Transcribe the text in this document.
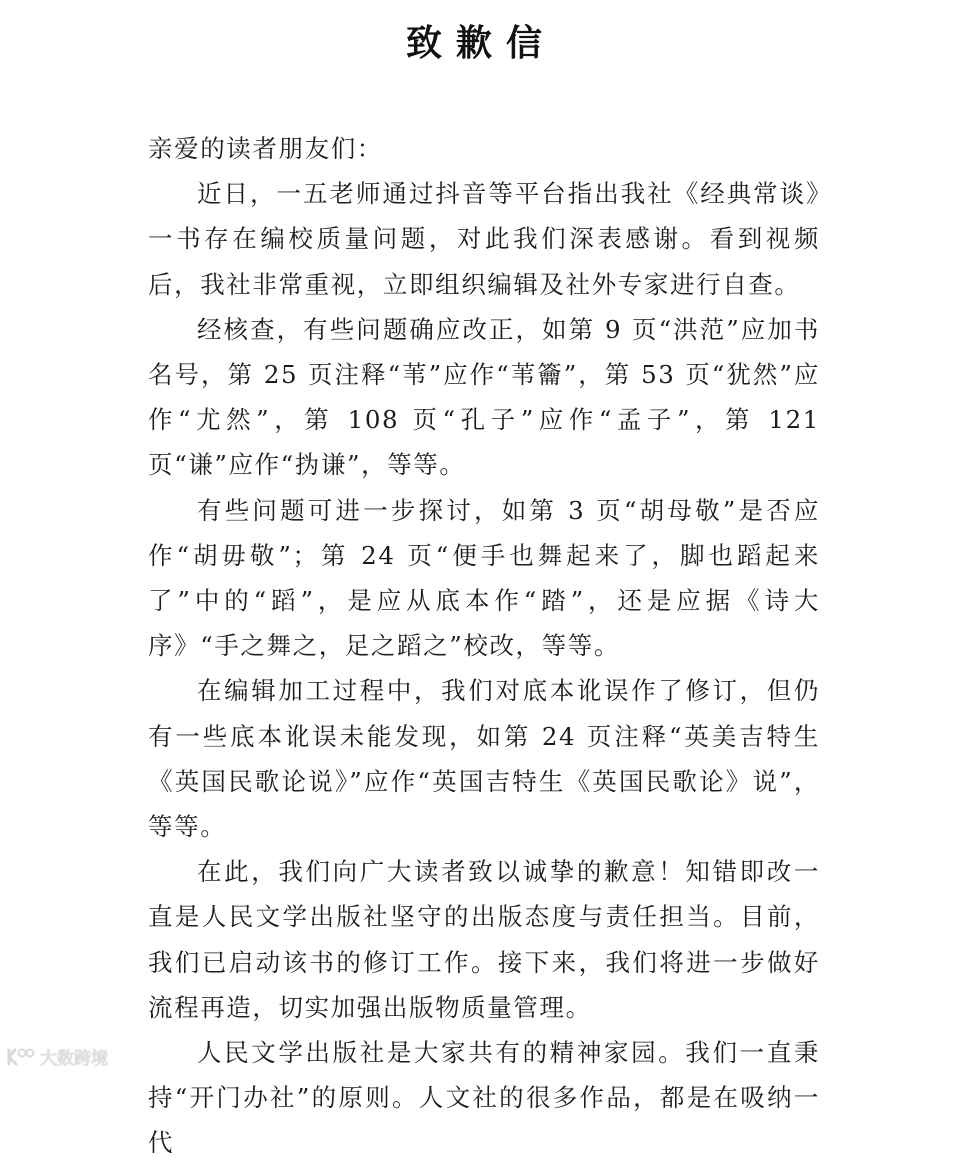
致歉信

亲爱的读者朋友们：

近日，一五老师通过抖音等平台指出我社《经典常谈》一书存在编校质量问题，对此我们深表感谢。看到视频后，我社非常重视，立即组织编辑及社外专家进行自查。

经核查，有些问题确应改正，如第 9 页“洪范”应加书名号，第 25 页注释“苇”应作“苇籥”，第 53 页“犹然”应作“尤然”，第 108 页“孔子”应作“孟子”，第 121 页“谦”应作“㧑谦”，等等。

有些问题可进一步探讨，如第 3 页“胡母敬”是否应作“胡毋敬”；第 24 页“便手也舞起来了，脚也蹈起来了”中的“蹈”，是应从底本作“踏”，还是应据《诗大序》“手之舞之，足之蹈之”校改，等等。

在编辑加工过程中，我们对底本讹误作了修订，但仍有一些底本讹误未能发现，如第 24 页注释“英美吉特生《英国民歌论说》”应作“英国吉特生《英国民歌论》说”，等等。

在此，我们向广大读者致以诚挚的歉意！知错即改一直是人民文学出版社坚守的出版态度与责任担当。目前，我们已启动该书的修订工作。接下来，我们将进一步做好流程再造，切实加强出版物质量管理。

人民文学出版社是大家共有的精神家园。我们一直秉持“开门办社”的原则。人文社的很多作品，都是在吸纳一代

大数跨境
